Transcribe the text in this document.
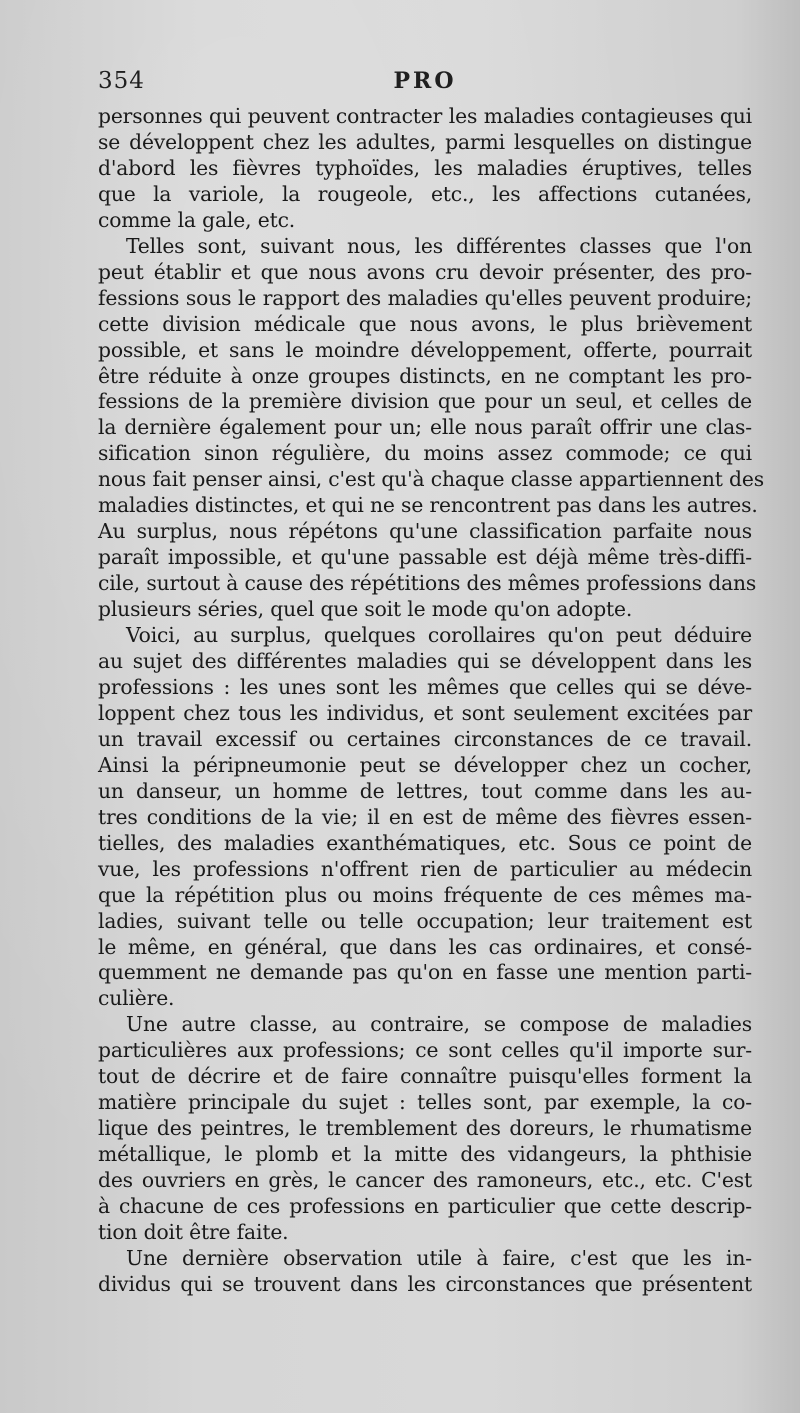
354	PRO
personnes qui peuvent contracter les maladies contagieuses qui
se développent chez les adultes, parmi lesquelles on distingue
d'abord les fièvres typhoïdes, les maladies éruptives, telles
que la variole, la rougeole, etc., les affections cutanées,
comme la gale, etc.
Telles sont, suivant nous, les différentes classes que l'on
peut établir et que nous avons cru devoir présenter, des pro-
fessions sous le rapport des maladies qu'elles peuvent produire;
cette division médicale que nous avons, le plus brièvement
possible, et sans le moindre développement, offerte, pourrait
être réduite à onze groupes distincts, en ne comptant les pro-
fessions de la première division que pour un seul, et celles de
la dernière également pour un; elle nous paraît offrir une clas-
sification sinon régulière, du moins assez commode; ce qui
nous fait penser ainsi, c'est qu'à chaque classe appartiennent des
maladies distinctes, et qui ne se rencontrent pas dans les autres.
Au surplus, nous répétons qu'une classification parfaite nous
paraît impossible, et qu'une passable est déjà même très-diffi-
cile, surtout à cause des répétitions des mêmes professions dans
plusieurs séries, quel que soit le mode qu'on adopte.
Voici, au surplus, quelques corollaires qu'on peut déduire
au sujet des différentes maladies qui se développent dans les
professions : les unes sont les mêmes que celles qui se déve-
loppent chez tous les individus, et sont seulement excitées par
un travail excessif ou certaines circonstances de ce travail.
Ainsi la péripneumonie peut se développer chez un cocher,
un danseur, un homme de lettres, tout comme dans les au-
tres conditions de la vie; il en est de même des fièvres essen-
tielles, des maladies exanthématiques, etc. Sous ce point de
vue, les professions n'offrent rien de particulier au médecin
que la répétition plus ou moins fréquente de ces mêmes ma-
ladies, suivant telle ou telle occupation; leur traitement est
le même, en général, que dans les cas ordinaires, et consé-
quemment ne demande pas qu'on en fasse une mention parti-
culière.
Une autre classe, au contraire, se compose de maladies
particulières aux professions; ce sont celles qu'il importe sur-
tout de décrire et de faire connaître puisqu'elles forment la
matière principale du sujet : telles sont, par exemple, la co-
lique des peintres, le tremblement des doreurs, le rhumatisme
métallique, le plomb et la mitte des vidangeurs, la phthisie
des ouvriers en grès, le cancer des ramoneurs, etc., etc. C'est
à chacune de ces professions en particulier que cette descrip-
tion doit être faite.
Une dernière observation utile à faire, c'est que les in-
dividus qui se trouvent dans les circonstances que présentent
